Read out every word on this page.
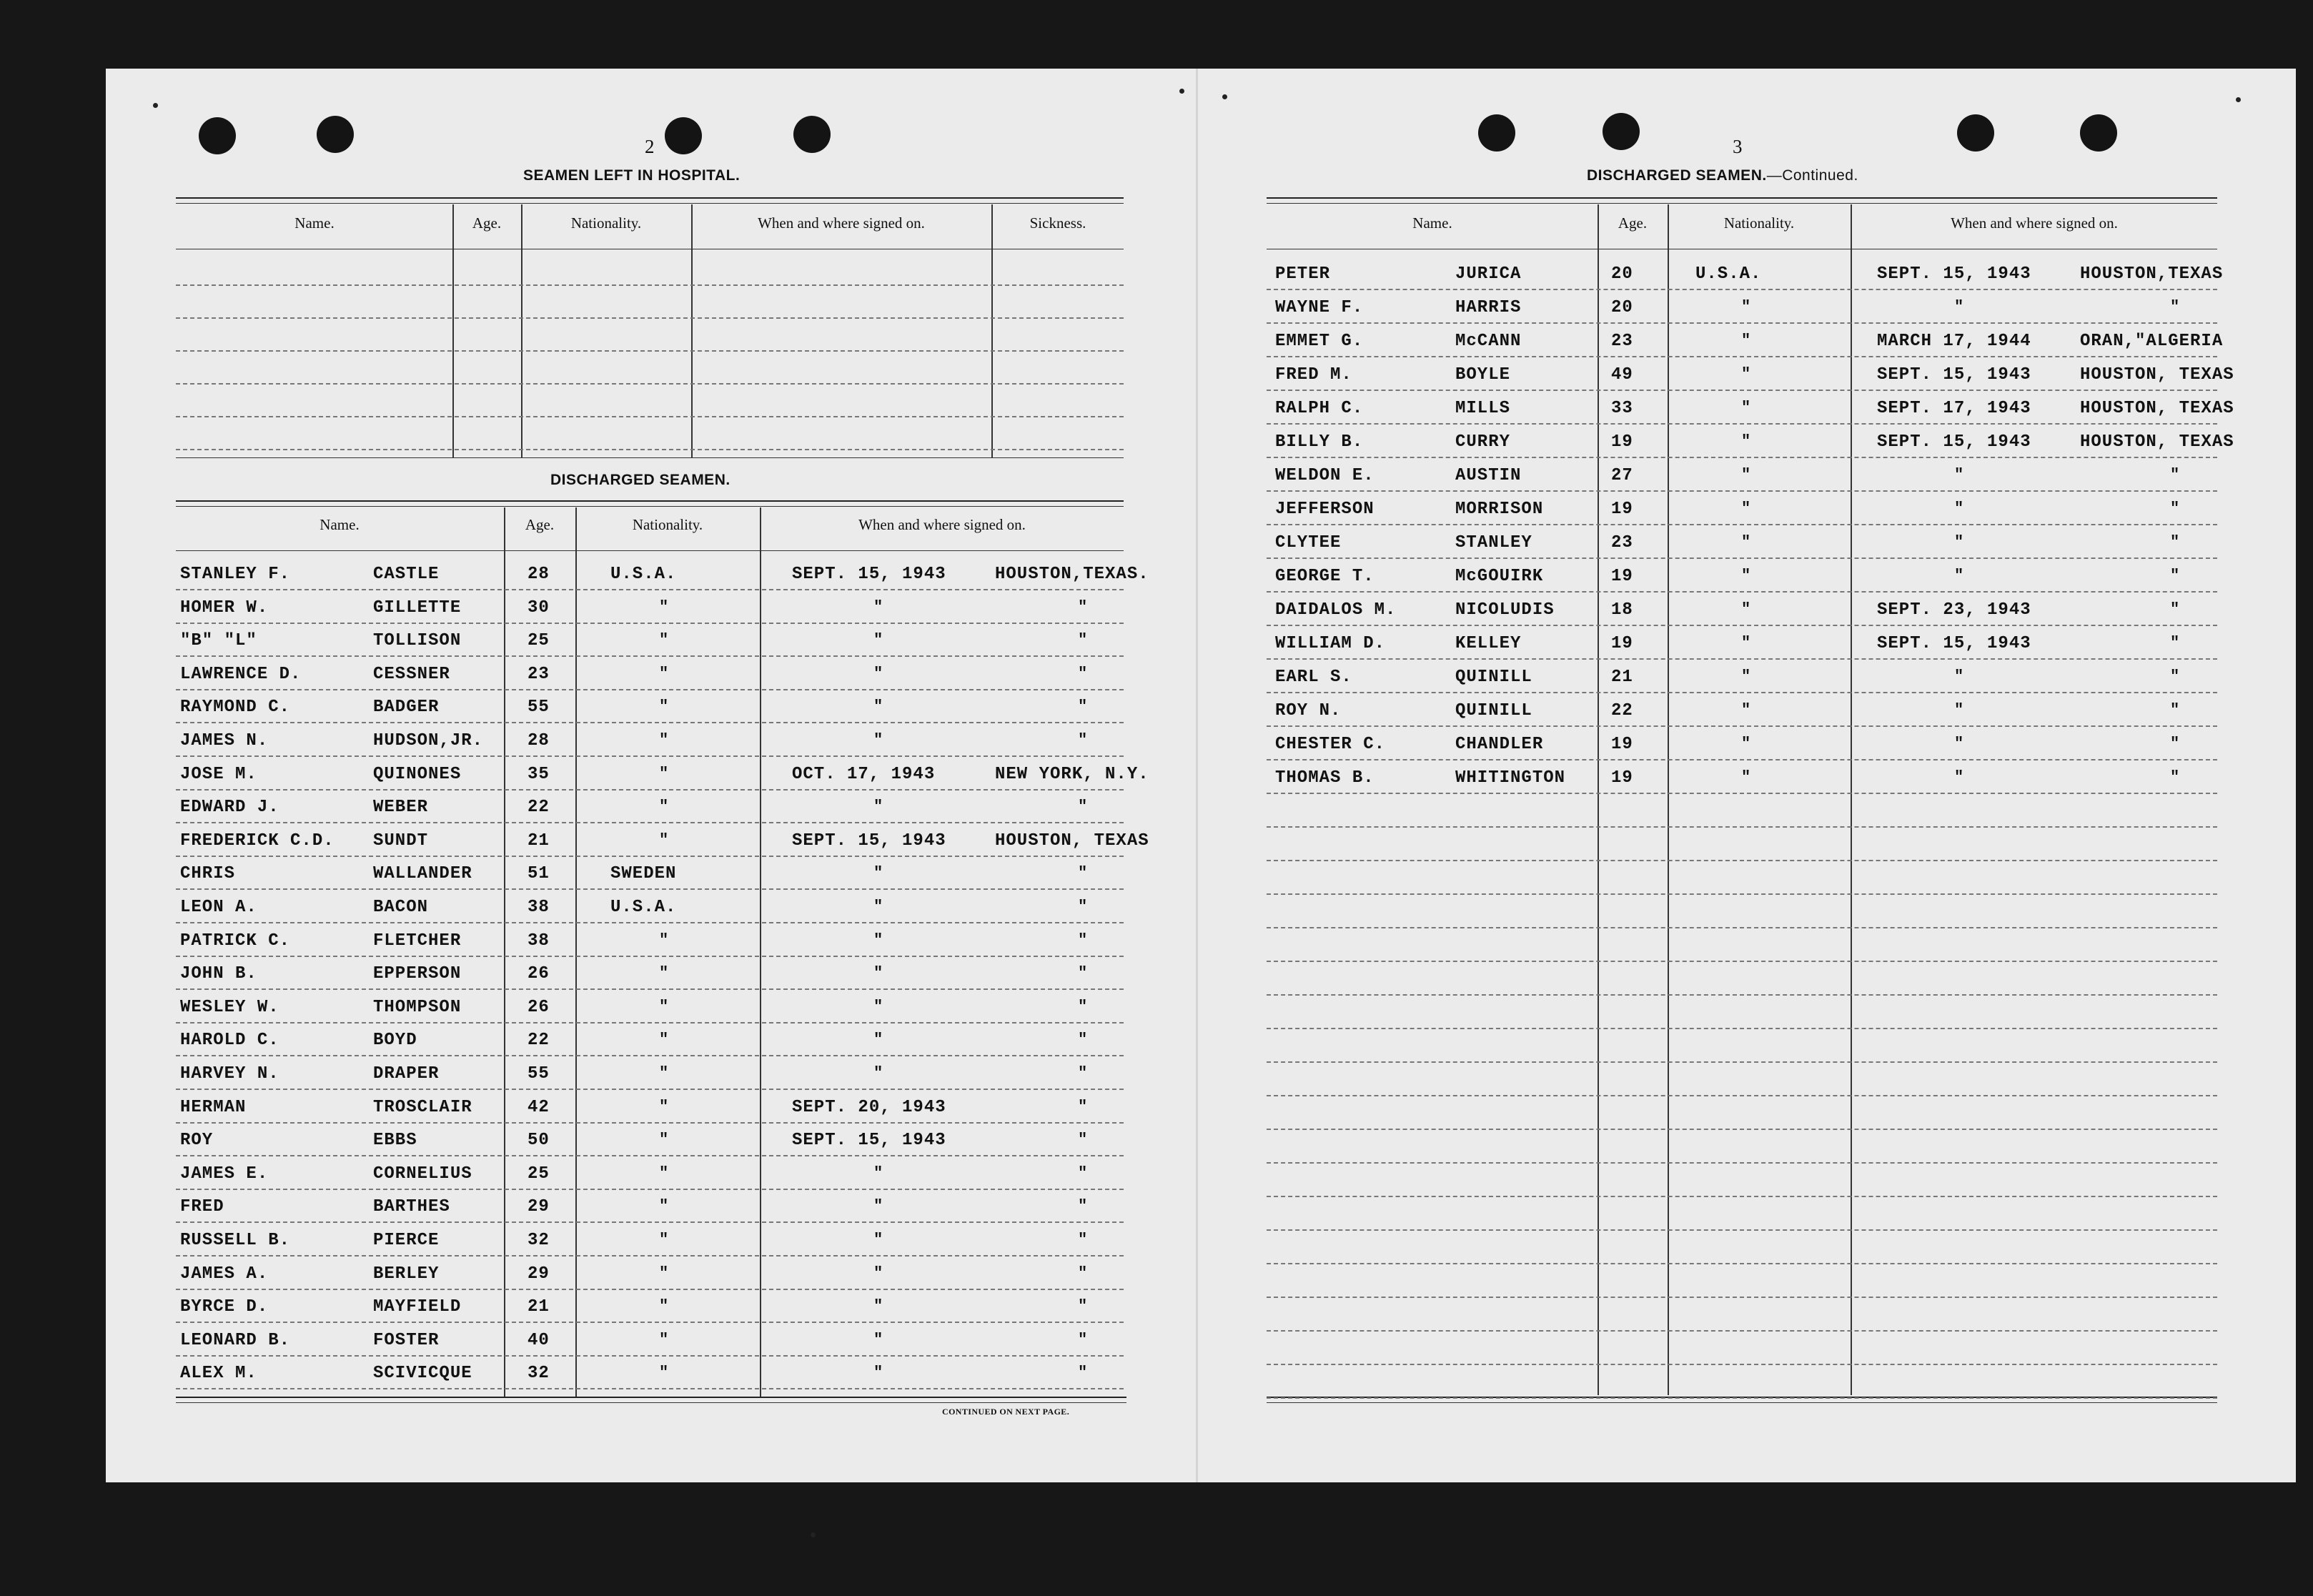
2
SEAMEN LEFT IN HOSPITAL.
Name.	Age.	Nationality.	When and where signed on.	Sickness.
DISCHARGED SEAMEN.
Name.	Age.	Nationality.	When and where signed on.
CONTINUED ON NEXT PAGE.
STANLEY F.	CASTLE	28	U.S.A.	SEPT. 15, 1943	HOUSTON,TEXAS.
HOMER W.	GILLETTE	30	"	"	"
"B" "L"	TOLLISON	25	"	"	"
LAWRENCE D.	CESSNER	23	"	"	"
RAYMOND C.	BADGER	55	"	"	"
JAMES N.	HUDSON,JR.	28	"	"	"
JOSE M.	QUINONES	35	"	OCT. 17, 1943	NEW YORK, N.Y.
EDWARD J.	WEBER	22	"	"	"
FREDERICK C.D. SUNDT	21	"	SEPT. 15, 1943	HOUSTON, TEXAS
CHRIS	WALLANDER	51	SWEDEN	"	"
LEON A.	BACON	38	U.S.A.	"	"
PATRICK C.	FLETCHER	38	"	"	"
JOHN B.	EPPERSON	26	"	"	"
WESLEY W.	THOMPSON	26	"	"	"
HAROLD C.	BOYD	22	"	"	"
HARVEY N.	DRAPER	55	"	"	"
HERMAN	TROSCLAIR	42	"	SEPT. 20, 1943	"
ROY	EBBS	50	"	SEPT. 15, 1943	"
JAMES E.	CORNELIUS	25	"	"	"
FRED	BARTHES	29	"	"	"
RUSSELL B.	PIERCE	32	"	"	"
JAMES A.	BERLEY	29	"	"	"
BYRCE D.	MAYFIELD	21	"	"	"
LEONARD B.	FOSTER	40	"	"	"
ALEX M.	SCIVICQUE	32	"	"	"
3
DISCHARGED SEAMEN.—Continued.
Name.	Age.	Nationality.	When and where signed on.
PETER	JURICA	20	U.S.A.	SEPT. 15, 1943	HOUSTON,TEXAS
WAYNE F.	HARRIS	20	"	"	"
EMMET G.	McCANN	23	"	MARCH 17, 1944	ORAN,"ALGERIA
FRED M.	BOYLE	49	"	SEPT. 15, 1943	HOUSTON, TEXAS
RALPH C.	MILLS	33	"	SEPT. 17, 1943	HOUSTON, TEXAS
BILLY B.	CURRY	19	"	SEPT. 15, 1943	HOUSTON, TEXAS
WELDON E.	AUSTIN	27	"	"	"
JEFFERSON	MORRISON	19	"	"	"
CLYTEE	STANLEY	23	"	"	"
GEORGE T.	McGOUIRK	19	"	"	"
DAIDALOS M.	NICOLUDIS	18	"	SEPT. 23, 1943	"
WILLIAM D.	KELLEY	19	"	SEPT. 15, 1943	"
EARL S.	QUINILL	21	"	"	"
ROY N.	QUINILL	22	"	"	"
CHESTER C.	CHANDLER	19	"	"	"
THOMAS B.	WHITINGTON	19	"	"	"
